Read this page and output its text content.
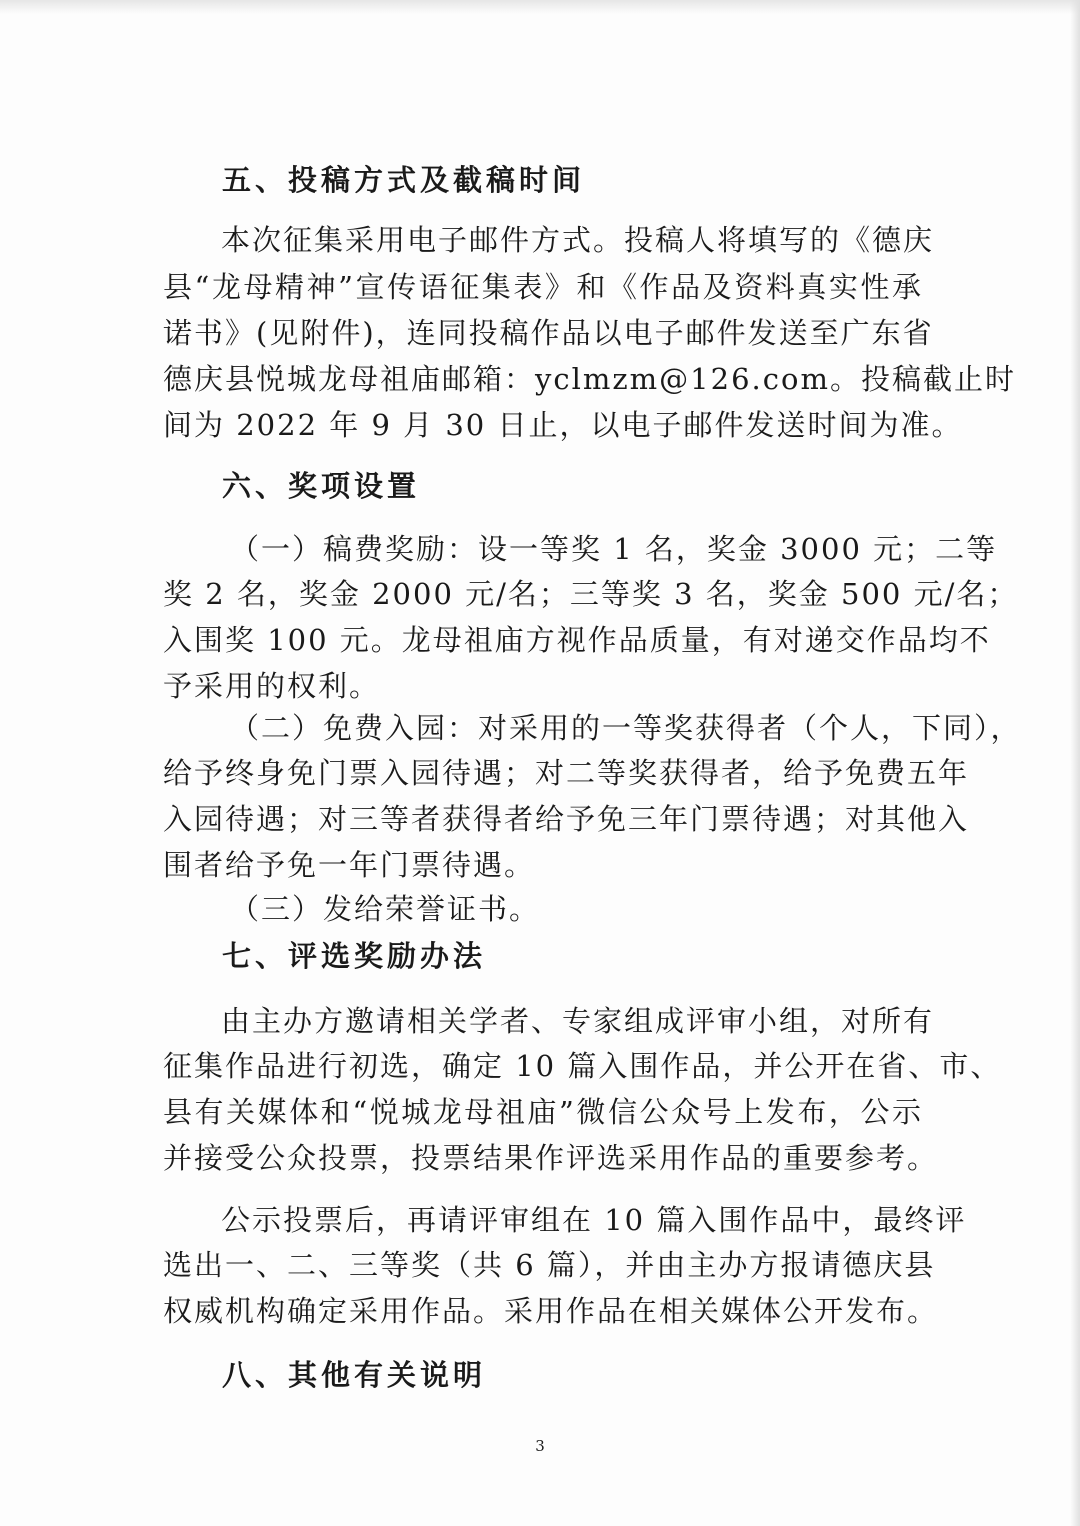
五、投稿方式及截稿时间
本次征集采用电子邮件方式。投稿人将填写的《德庆
县“龙母精神”宣传语征集表》和《作品及资料真实性承
诺书》(见附件)，连同投稿作品以电子邮件发送至广东省
德庆县悦城龙母祖庙邮箱：yclmzm@126.com。投稿截止时
间为 2022 年 9 月 30 日止，以电子邮件发送时间为准。
六、奖项设置
（一）稿费奖励：设一等奖 1 名，奖金 3000 元；二等
奖 2 名，奖金 2000 元/名；三等奖 3 名，奖金 500 元/名；
入围奖 100 元。龙母祖庙方视作品质量，有对递交作品均不
予采用的权利。
（二）免费入园：对采用的一等奖获得者（个人，下同），
给予终身免门票入园待遇；对二等奖获得者，给予免费五年
入园待遇；对三等者获得者给予免三年门票待遇；对其他入
围者给予免一年门票待遇。
（三）发给荣誉证书。
七、评选奖励办法
由主办方邀请相关学者、专家组成评审小组，对所有
征集作品进行初选，确定 10 篇入围作品，并公开在省、市、
县有关媒体和“悦城龙母祖庙”微信公众号上发布，公示
并接受公众投票，投票结果作评选采用作品的重要参考。
公示投票后，再请评审组在 10 篇入围作品中，最终评
选出一、二、三等奖（共 6 篇），并由主办方报请德庆县
权威机构确定采用作品。采用作品在相关媒体公开发布。
八、其他有关说明
3
